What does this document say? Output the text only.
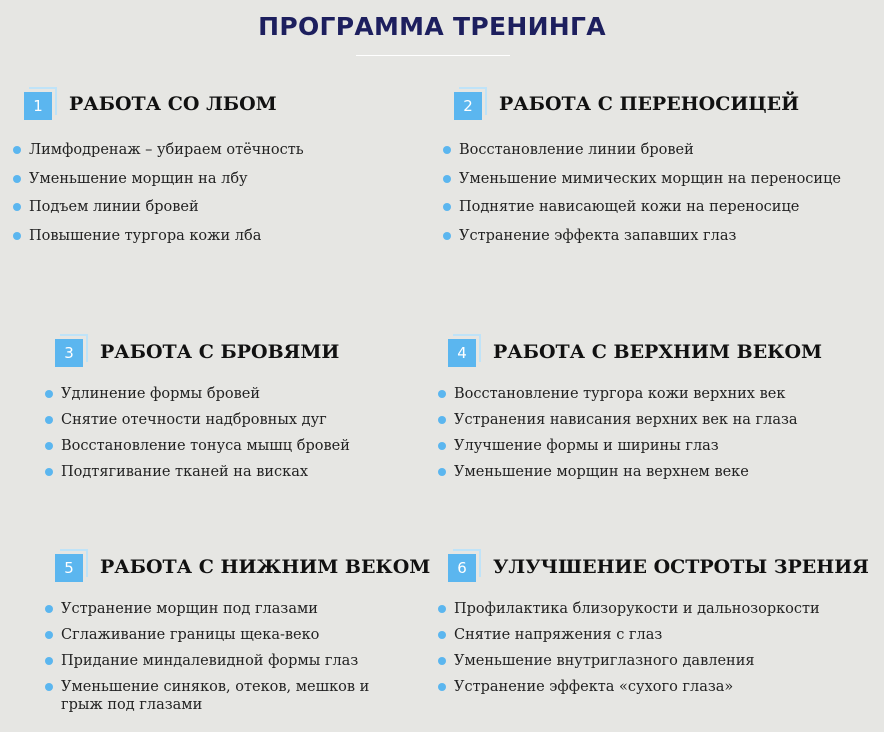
ПРОГРАММА ТРЕНИНГА
1	РАБОТА СО ЛБОМ
Лимфодренаж – убираем отёчность
Уменьшение морщин на лбу
Подъем линии бровей
Повышение тургора кожи лба
2	РАБОТА С ПЕРЕНОСИЦЕЙ
Восстановление линии бровей
Уменьшение мимических морщин на переносице
Поднятие нависающей кожи на переносице
Устранение эффекта запавших глаз
3	РАБОТА С БРОВЯМИ
Удлинение формы бровей
Снятие отечности надбровных дуг
Восстановление тонуса мышц бровей
Подтягивание тканей на висках
4	РАБОТА С ВЕРХНИМ ВЕКОМ
Восстановление тургора кожи верхних век
Устранения нависания верхних век на глаза
Улучшение формы и ширины глаз
Уменьшение морщин на верхнем веке
5	РАБОТА С НИЖНИМ ВЕКОМ
Устранение морщин под глазами
Сглаживание границы щека-веко
Придание миндалевидной формы глаз
Уменьшение синяков, отеков, мешков и грыж под глазами
6	УЛУЧШЕНИЕ ОСТРОТЫ ЗРЕНИЯ
Профилактика близорукости и дальнозоркости
Снятие напряжения с глаз
Уменьшение внутриглазного давления
Устранение эффекта «сухого глаза»
